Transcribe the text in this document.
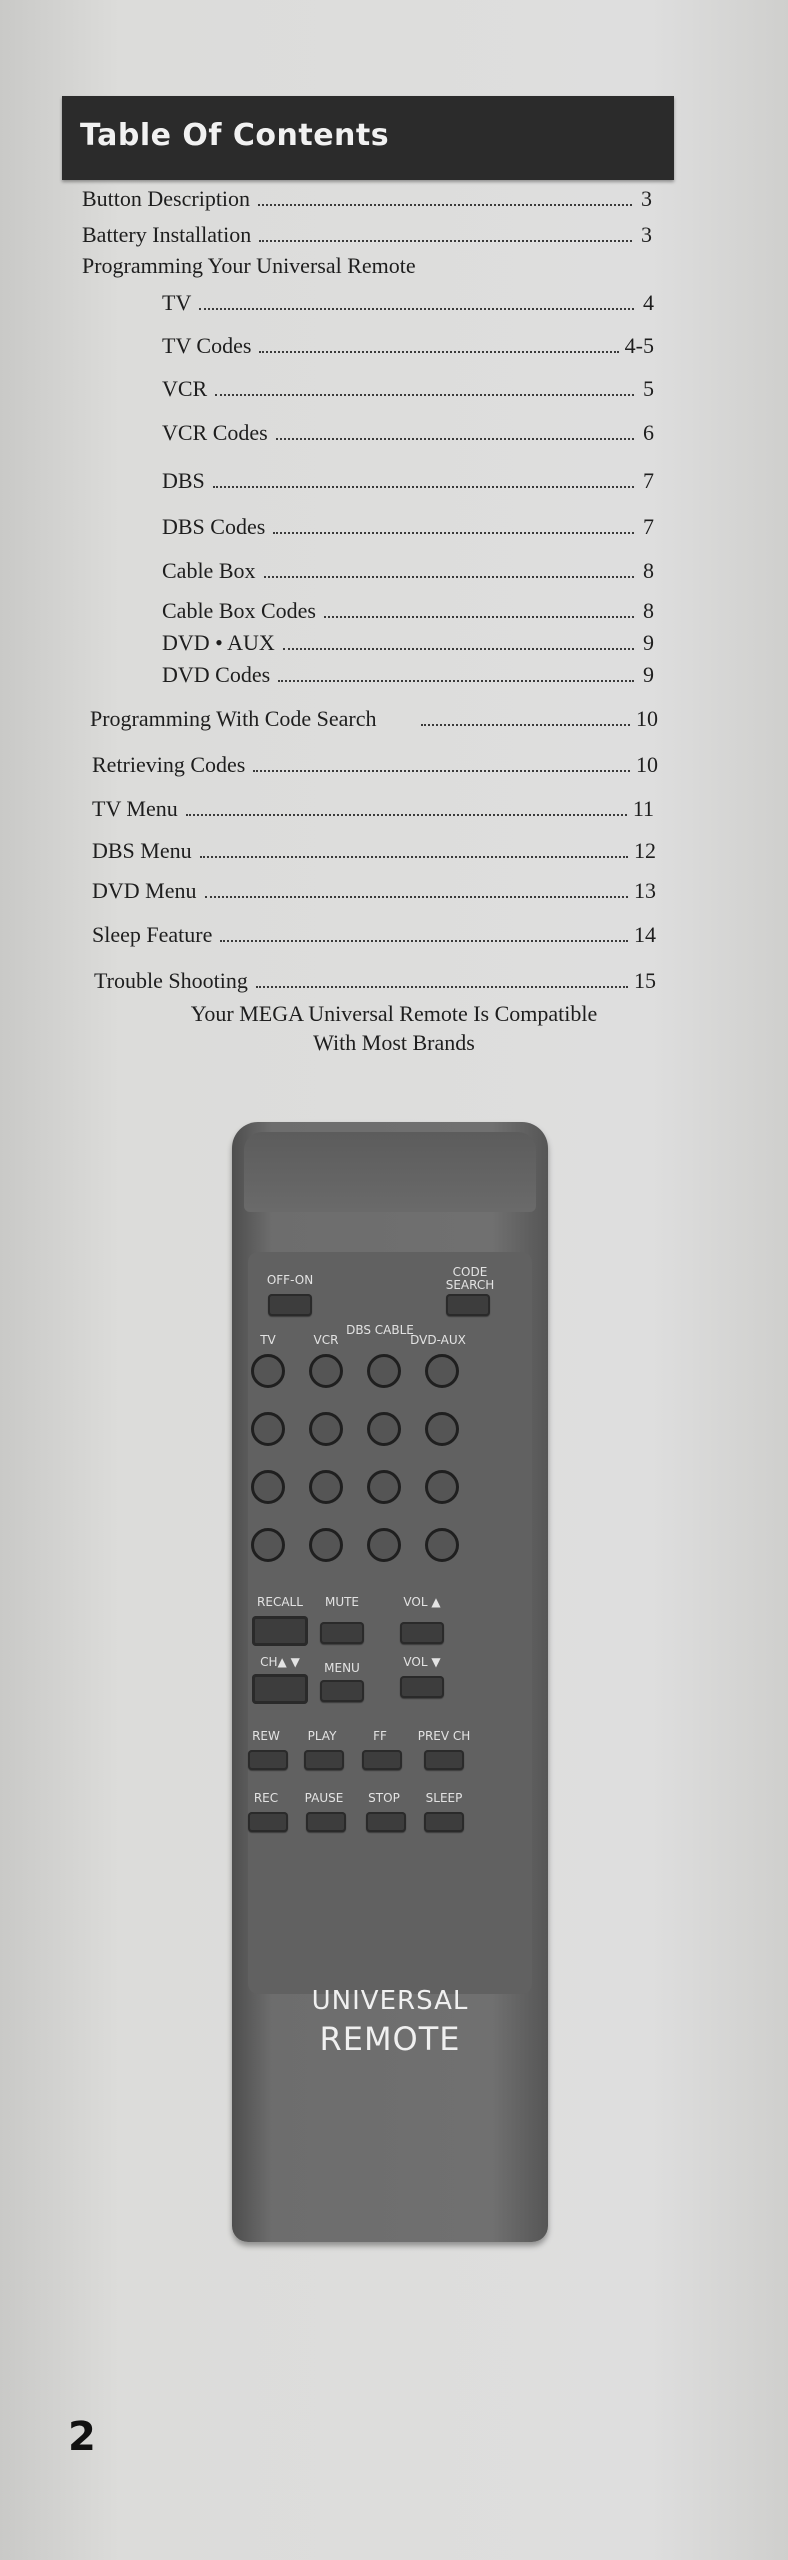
Table Of Contents
Button Description	3
Battery Installation	3
Programming Your Universal Remote
TV	4
TV Codes	4-5
VCR	5
VCR Codes	6
DBS	7
DBS Codes	7
Cable Box	8
Cable Box Codes	8
DVD • AUX	9
DVD Codes	9
Programming With Code Search	10
Retrieving Codes	10
TV Menu	11
DBS Menu	12
DVD Menu	13
Sleep Feature	14
Trouble Shooting	15
Your MEGA Universal Remote Is Compatible
With Most Brands
OFF-ON
CODE SEARCH
TV	VCR
DBS CABLE
DVD-AUX
RECALL	MUTE	VOL ▲
CH▲ ▼	MENU	VOL ▼
REW	PLAY	FF	PREV CH
REC	PAUSE	STOP	SLEEP
UNIVERSAL
REMOTE
2
